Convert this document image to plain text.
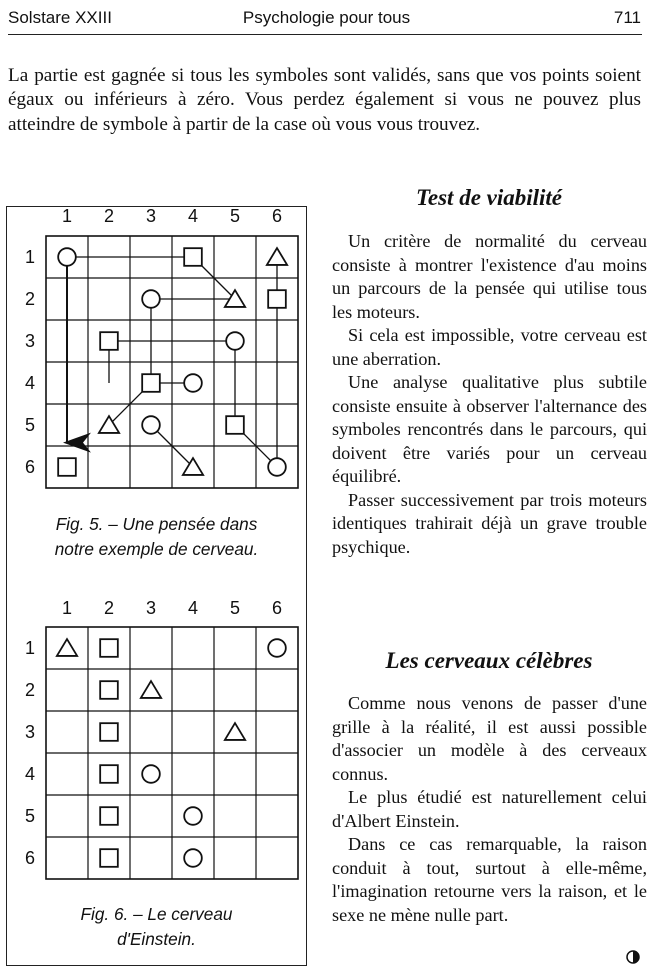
Solstare XXIII	Psychologie pour tous	711

La partie est gagnée si tous les symboles sont validés, sans que vos points soient égaux ou inférieurs à zéro. Vous perdez également si vous ne pouvez plus atteindre de symbole à partir de la case où vous vous trouvez.

1 2 3 4 5 6
1
2
3
4
5
6
Fig. 5. – Une pensée dans
notre exemple de cerveau.
1 2 3 4 5 6
1
2
3
4
5
6
Fig. 6. – Le cerveau
d'Einstein.
Test de viabilité

Un critère de normalité du cerveau consiste à montrer l'existence d'au moins un parcours de la pensée qui utilise tous les moteurs.

Si cela est impossible, votre cerveau est une aberration.

Une analyse qualitative plus subtile consiste ensuite à observer l'alternance des symboles rencontrés dans le parcours, qui doivent être variés pour un cerveau équilibré.

Passer successivement par trois moteurs identiques trahirait déjà un grave trouble psychique.

Les cerveaux célèbres

Comme nous venons de passer d'une grille à la réalité, il est aussi possible d'associer un modèle à des cerveaux connus.

Le plus étudié est naturellement celui d'Albert Einstein.

Dans ce cas remarquable, la raison conduit à tout, surtout à elle-même, l'imagination retourne vers la raison, et le sexe ne mène nulle part.
